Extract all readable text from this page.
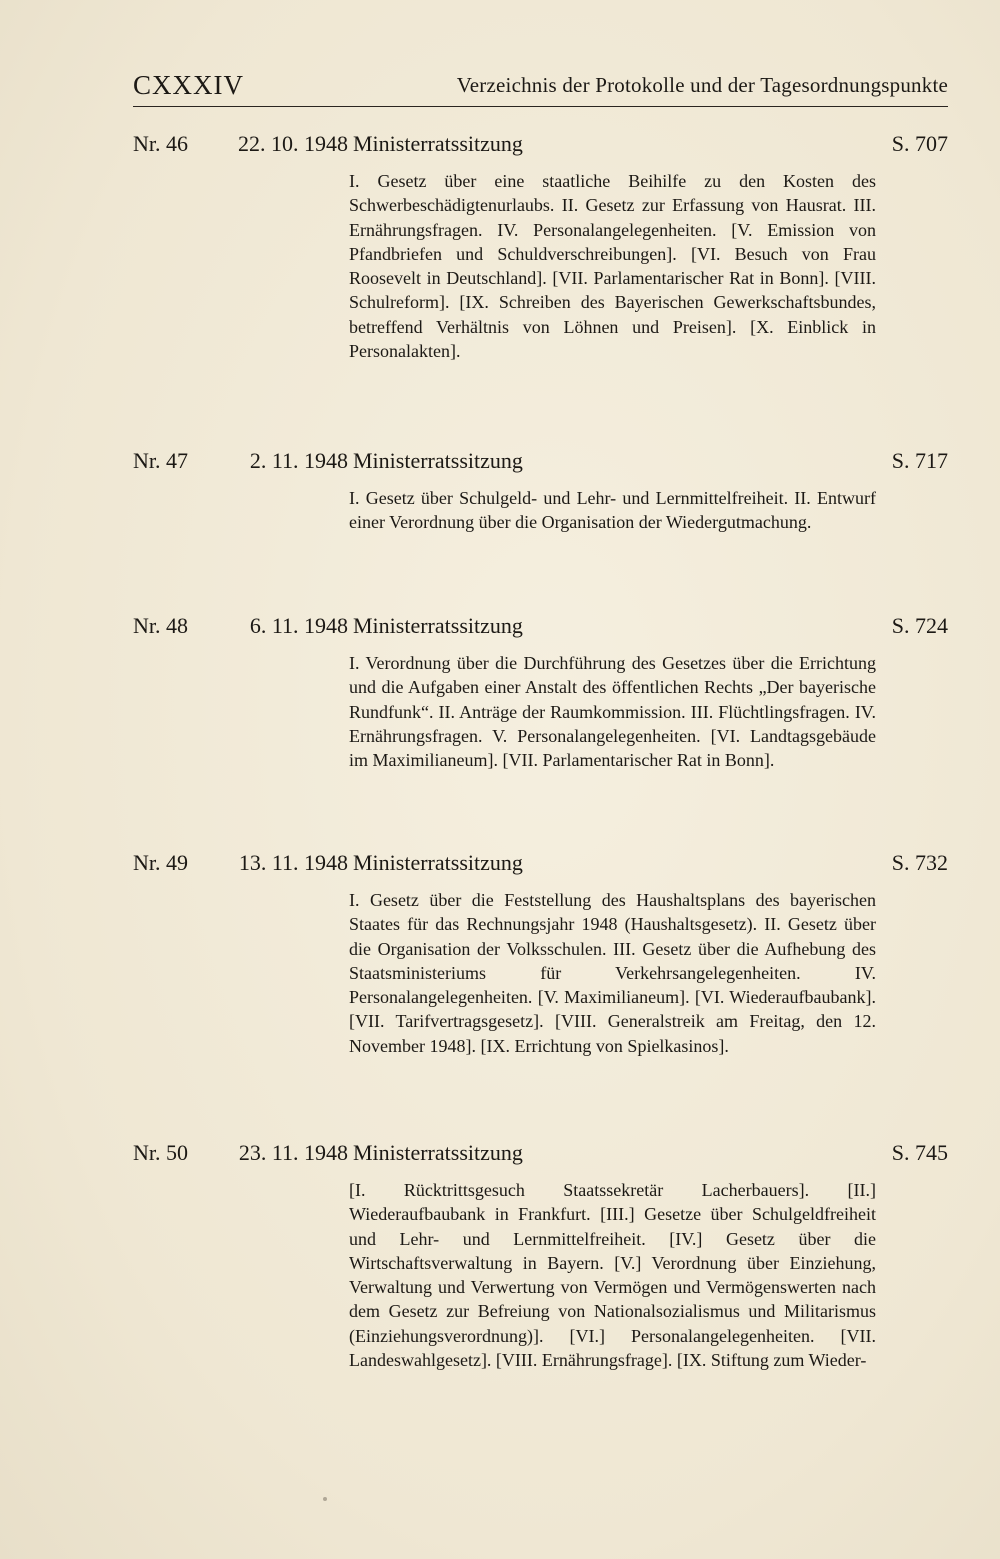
CXXXIV	Verzeichnis der Protokolle und der Tagesordnungspunkte
Nr. 46 22. 10. 1948 Ministerratssitzung	S. 707
I. Gesetz über eine staatliche Beihilfe zu den Kosten des Schwerbeschädigtenurlaubs. II. Gesetz zur Erfassung von Hausrat. III. Ernährungsfragen. IV. Personalangelegenheiten. [V. Emission von Pfandbriefen und Schuldverschreibungen]. [VI. Besuch von Frau Roosevelt in Deutschland]. [VII. Parlamentarischer Rat in Bonn]. [VIII. Schulreform]. [IX. Schreiben des Bayerischen Gewerkschaftsbundes, betreffend Verhältnis von Löhnen und Preisen]. [X. Einblick in Personalakten].
Nr. 47	2. 11. 1948 Ministerratssitzung	S. 717
I. Gesetz über Schulgeld- und Lehr- und Lernmittelfreiheit. II. Entwurf einer Verordnung über die Organisation der Wiedergutmachung.
Nr. 48	6. 11. 1948 Ministerratssitzung	S. 724
I. Verordnung über die Durchführung des Gesetzes über die Errichtung und die Aufgaben einer Anstalt des öffentlichen Rechts „Der bayerische Rundfunk“. II. Anträge der Raumkommission. III. Flüchtlingsfragen. IV. Ernährungsfragen. V. Personalangelegenheiten. [VI. Landtagsgebäude im Maximilianeum]. [VII. Parlamentarischer Rat in Bonn].
Nr. 49 13. 11. 1948 Ministerratssitzung	S. 732
I. Gesetz über die Feststellung des Haushaltsplans des bayerischen Staates für das Rechnungsjahr 1948 (Haushaltsgesetz). II. Gesetz über die Organisation der Volksschulen. III. Gesetz über die Aufhebung des Staatsministeriums für Verkehrsangelegenheiten. IV. Personalangelegenheiten. [V. Maximilianeum]. [VI. Wiederaufbaubank]. [VII. Tarifvertragsgesetz]. [VIII. Generalstreik am Freitag, den 12. November 1948]. [IX. Errichtung von Spielkasinos].
Nr. 50 23. 11. 1948 Ministerratssitzung	S. 745
[I. Rücktrittsgesuch Staatssekretär Lacherbauers]. [II.] Wiederaufbaubank in Frankfurt. [III.] Gesetze über Schulgeldfreiheit und Lehr- und Lernmittelfreiheit. [IV.] Gesetz über die Wirtschaftsverwaltung in Bayern. [V.] Verordnung über Einziehung, Verwaltung und Verwertung von Vermögen und Vermögenswerten nach dem Gesetz zur Befreiung von Nationalsozialismus und Militarismus (Einziehungsverordnung)]. [VI.] Personalangelegenheiten. [VII. Landeswahlgesetz]. [VIII. Ernährungsfrage]. [IX. Stiftung zum Wieder-
